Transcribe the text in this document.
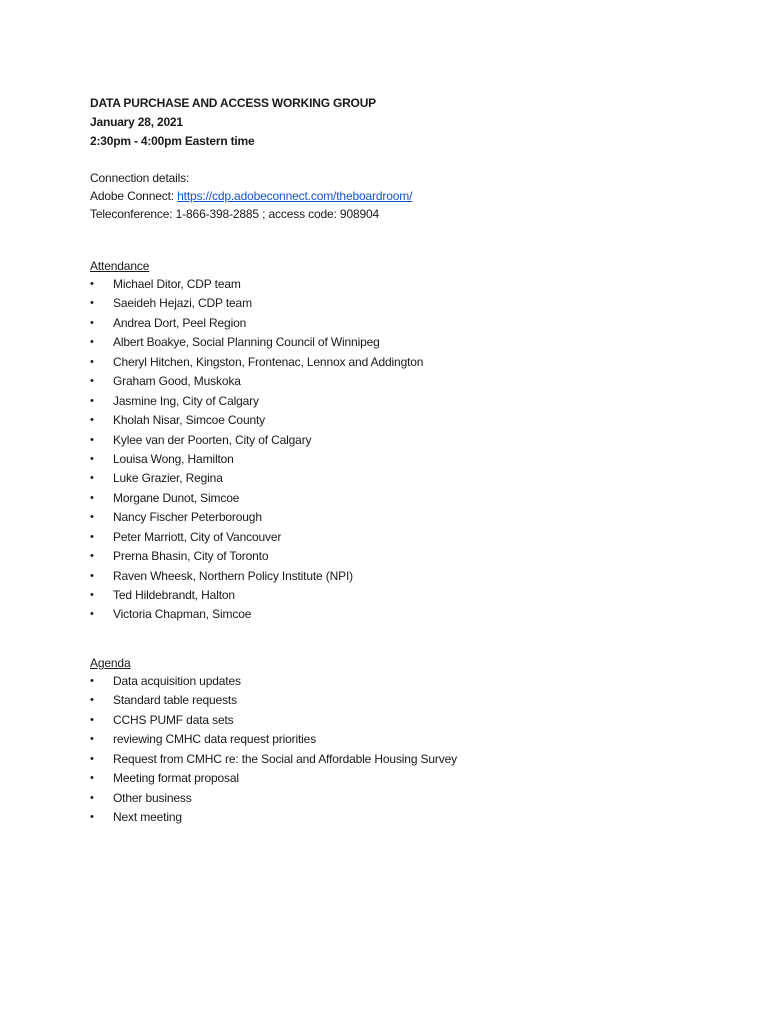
DATA PURCHASE AND ACCESS WORKING GROUP
January 28, 2021
2:30pm - 4:00pm Eastern time
Connection details:
Adobe Connect: https://cdp.adobeconnect.com/theboardroom/
Teleconference: 1-866-398-2885 ; access code: 908904
Attendance
•	Michael Ditor, CDP team
•	Saeideh Hejazi, CDP team
•	Andrea Dort, Peel Region
•	Albert Boakye, Social Planning Council of Winnipeg
•	Cheryl Hitchen, Kingston, Frontenac, Lennox and Addington
•	Graham Good, Muskoka
•	Jasmine Ing, City of Calgary
•	Kholah Nisar, Simcoe County
•	Kylee van der Poorten, City of Calgary
•	Louisa Wong, Hamilton
•	Luke Grazier, Regina
•	Morgane Dunot, Simcoe
•	Nancy Fischer Peterborough
•	Peter Marriott, City of Vancouver
•	Prerna Bhasin, City of Toronto
•	Raven Wheesk, Northern Policy Institute (NPI)
•	Ted Hildebrandt, Halton
•	Victoria Chapman, Simcoe
Agenda
•	Data acquisition updates
•	Standard table requests
•	CCHS PUMF data sets
•	reviewing CMHC data request priorities
•	Request from CMHC re: the Social and Affordable Housing Survey
•	Meeting format proposal
•	Other business
•	Next meeting
